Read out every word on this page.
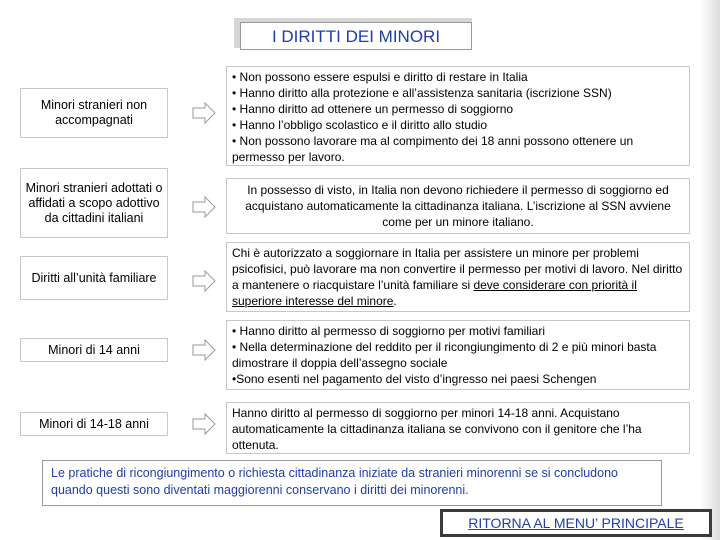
I DIRITTI DEI MINORI
Minori stranieri non accompagnati

• Non possono essere espulsi e diritto di restare in Italia

• Hanno diritto alla protezione e all’assistenza sanitaria (iscrizione SSN)

• Hanno diritto ad ottenere un permesso di soggiorno

• Hanno l’obbligo scolastico e il diritto allo studio

• Non possono lavorare ma al compimento dei 18 anni possono ottenere un permesso per lavoro.

Minori stranieri adottati o affidati a scopo adottivo da cittadini italiani

In possesso di visto, in Italia non devono richiedere il permesso di soggiorno ed acquistano automaticamente la cittadinanza italiana. L’iscrizione al SSN avviene come per un minore italiano.

Diritti all’unità familiare

Chi è autorizzato a soggiornare in Italia per assistere un minore per problemi psicofisici, può lavorare ma non convertire il permesso per motivi di lavoro. Nel diritto a mantenere o riacquistare l’unità familiare si deve considerare con priorità il superiore interesse del minore.

Minori di 14 anni

• Hanno diritto al permesso di soggiorno per motivi familiari

• Nella determinazione del reddito per il ricongiungimento di 2 e più minori basta dimostrare il doppia dell’assegno sociale

•Sono esenti nel pagamento del visto d’ingresso nei paesi Schengen

Minori di 14-18 anni

Hanno diritto al permesso di soggiorno per minori 14-18 anni. Acquistano automaticamente la cittadinanza italiana se convivono con il genitore che l’ha ottenuta.

Le pratiche di ricongiungimento o richiesta cittadinanza iniziate da stranieri minorenni se si concludono quando questi sono diventati maggiorenni conservano i diritti dei minorenni.
RITORNA AL MENU’ PRINCIPALE
